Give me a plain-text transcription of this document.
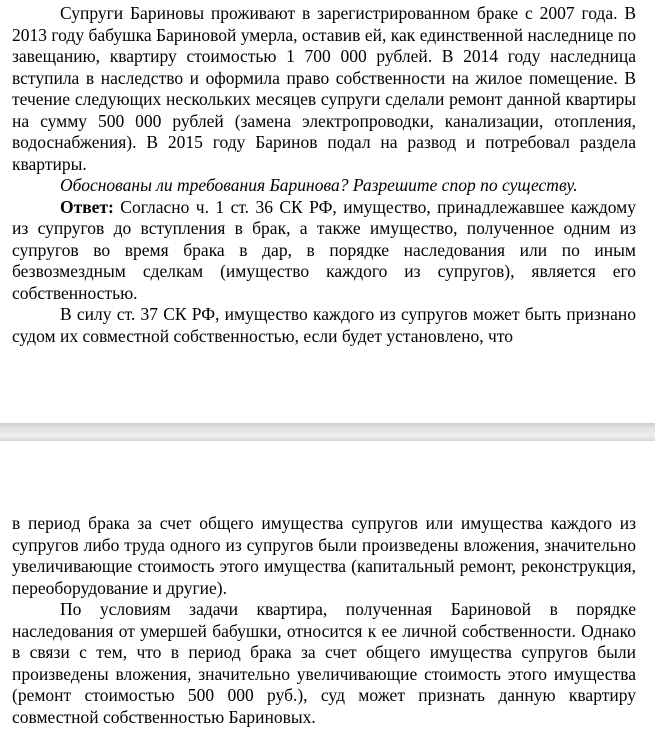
Супруги Бариновы проживают в зарегистрированном браке с 2007 года. В 2013 году бабушка Бариновой умерла, оставив ей, как единственной наследнице по завещанию, квартиру стоимостью 1 700 000 рублей. В 2014 году наследница вступила в наследство и оформила право собственности на жилое помещение. В течение следующих нескольких месяцев супруги сделали ремонт данной квартиры на сумму 500 000 рублей (замена электропроводки, канализации, отопления, водоснабжения). В 2015 году Баринов подал на развод и потребовал раздела квартиры.

Обоснованы ли требования Баринова? Разрешите спор по существу.

Ответ: Согласно ч. 1 ст. 36 СК РФ, имущество, принадлежавшее каждому из супругов до вступления в брак, а также имущество, полученное одним из супругов во время брака в дар, в порядке наследования или по иным безвозмездным сделкам (имущество каждого из супругов), является его собственностью.

В силу ст. 37 СК РФ, имущество каждого из супругов может быть признано судом их совместной собственностью, если будет установлено, что

в период брака за счет общего имущества супругов или имущества каждого из супругов либо труда одного из супругов были произведены вложения, значительно увеличивающие стоимость этого имущества (капитальный ремонт, реконструкция, переоборудование и другие).

По условиям задачи квартира, полученная Бариновой в порядке наследования от умершей бабушки, относится к ее личной собственности. Однако в связи с тем, что в период брака за счет общего имущества супругов были произведены вложения, значительно увеличивающие стоимость этого имущества (ремонт стоимостью 500 000 руб.), суд может признать данную квартиру совместной собственностью Бариновых.
